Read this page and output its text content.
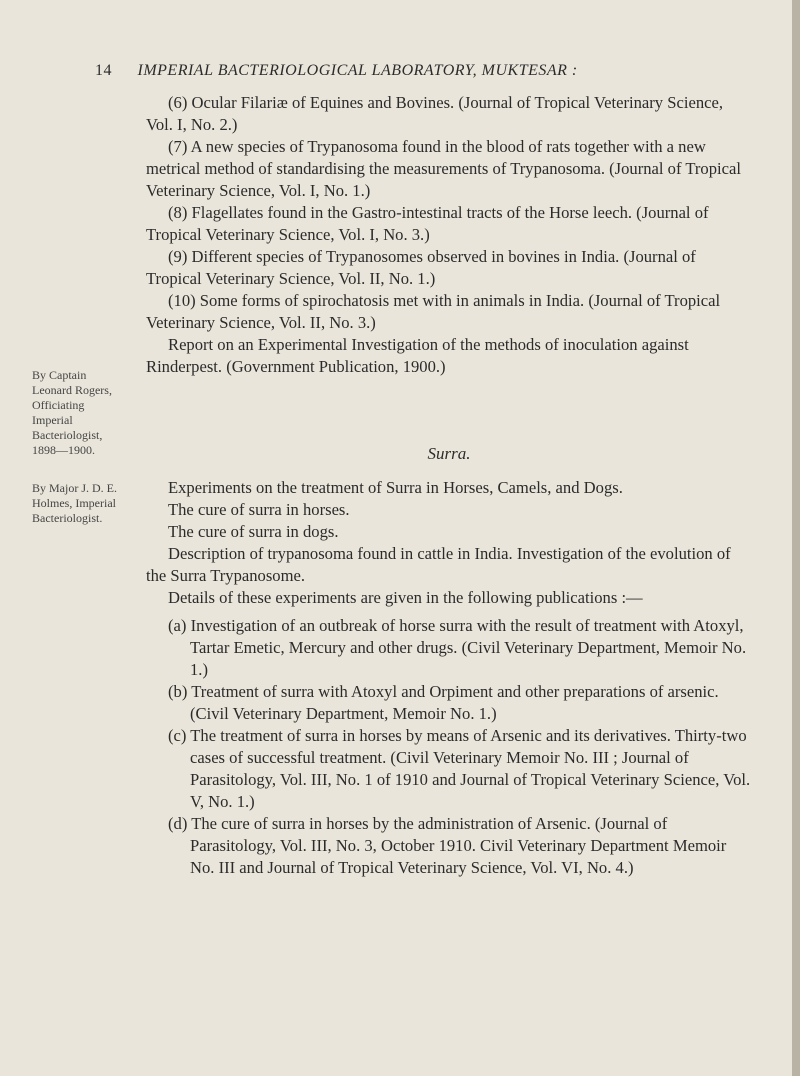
14 IMPERIAL BACTERIOLOGICAL LABORATORY, MUKTESAR :
By Captain Leonard Rogers, Officiating Imperial Bacteriologist, 1898—1900.
By Major J. D. E. Holmes, Imperial Bacteriologist.

(6) Ocular Filariæ of Equines and Bovines. (Journal of Tropical Veterinary Science, Vol. I, No. 2.)

(7) A new species of Trypanosoma found in the blood of rats together with a new metrical method of standardising the measurements of Trypanosoma. (Journal of Tropical Veterinary Science, Vol. I, No. 1.)

(8) Flagellates found in the Gastro-intestinal tracts of the Horse leech. (Journal of Tropical Veterinary Science, Vol. I, No. 3.)

(9) Different species of Trypanosomes observed in bovines in India. (Journal of Tropical Veterinary Science, Vol. II, No. 1.)

(10) Some forms of spirochatosis met with in animals in India. (Journal of Tropical Veterinary Science, Vol. II, No. 3.)

Report on an Experimental Investigation of the methods of inoculation against Rinderpest. (Government Publication, 1900.)

Surra.

Experiments on the treatment of Surra in Horses, Camels, and Dogs.

The cure of surra in horses.

The cure of surra in dogs.

Description of trypanosoma found in cattle in India. Investigation of the evolution of the Surra Trypanosome.

Details of these experiments are given in the following publications :—

(a) Investigation of an outbreak of horse surra with the result of treatment with Atoxyl, Tartar Emetic, Mercury and other drugs. (Civil Veterinary Department, Memoir No. 1.)

(b) Treatment of surra with Atoxyl and Orpiment and other preparations of arsenic. (Civil Veterinary Department, Memoir No. 1.)

(c) The treatment of surra in horses by means of Arsenic and its derivatives. Thirty-two cases of successful treatment. (Civil Veterinary Memoir No. III ; Journal of Parasitology, Vol. III, No. 1 of 1910 and Journal of Tropical Veterinary Science, Vol. V, No. 1.)

(d) The cure of surra in horses by the administration of Arsenic. (Journal of Parasitology, Vol. III, No. 3, October 1910. Civil Veterinary Department Memoir No. III and Journal of Tropical Veterinary Science, Vol. VI, No. 4.)
